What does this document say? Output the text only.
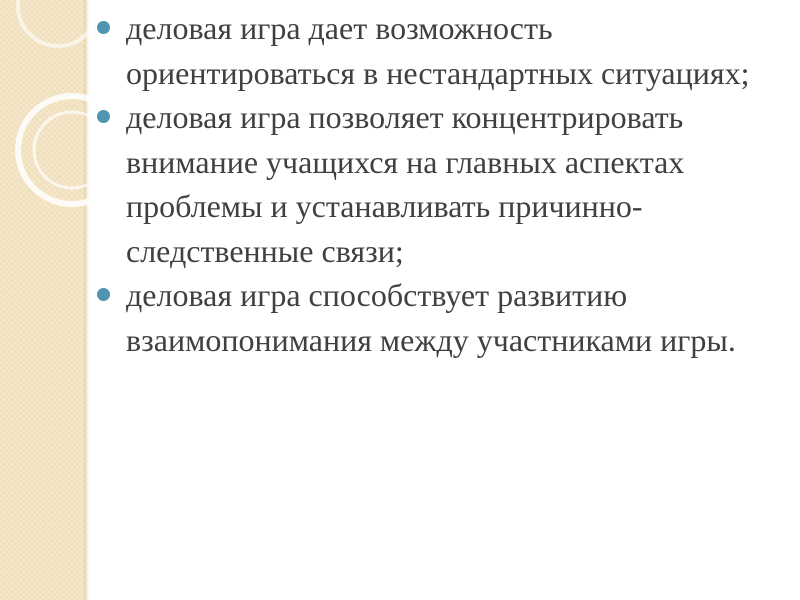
деловая игра дает возможность ориентироваться в нестандартных ситуациях;
деловая игра позволяет концентрировать внимание учащихся на главных аспектах проблемы и устанавливать причинно-следственные связи;
деловая игра способствует развитию взаимопонимания между участниками игры.
